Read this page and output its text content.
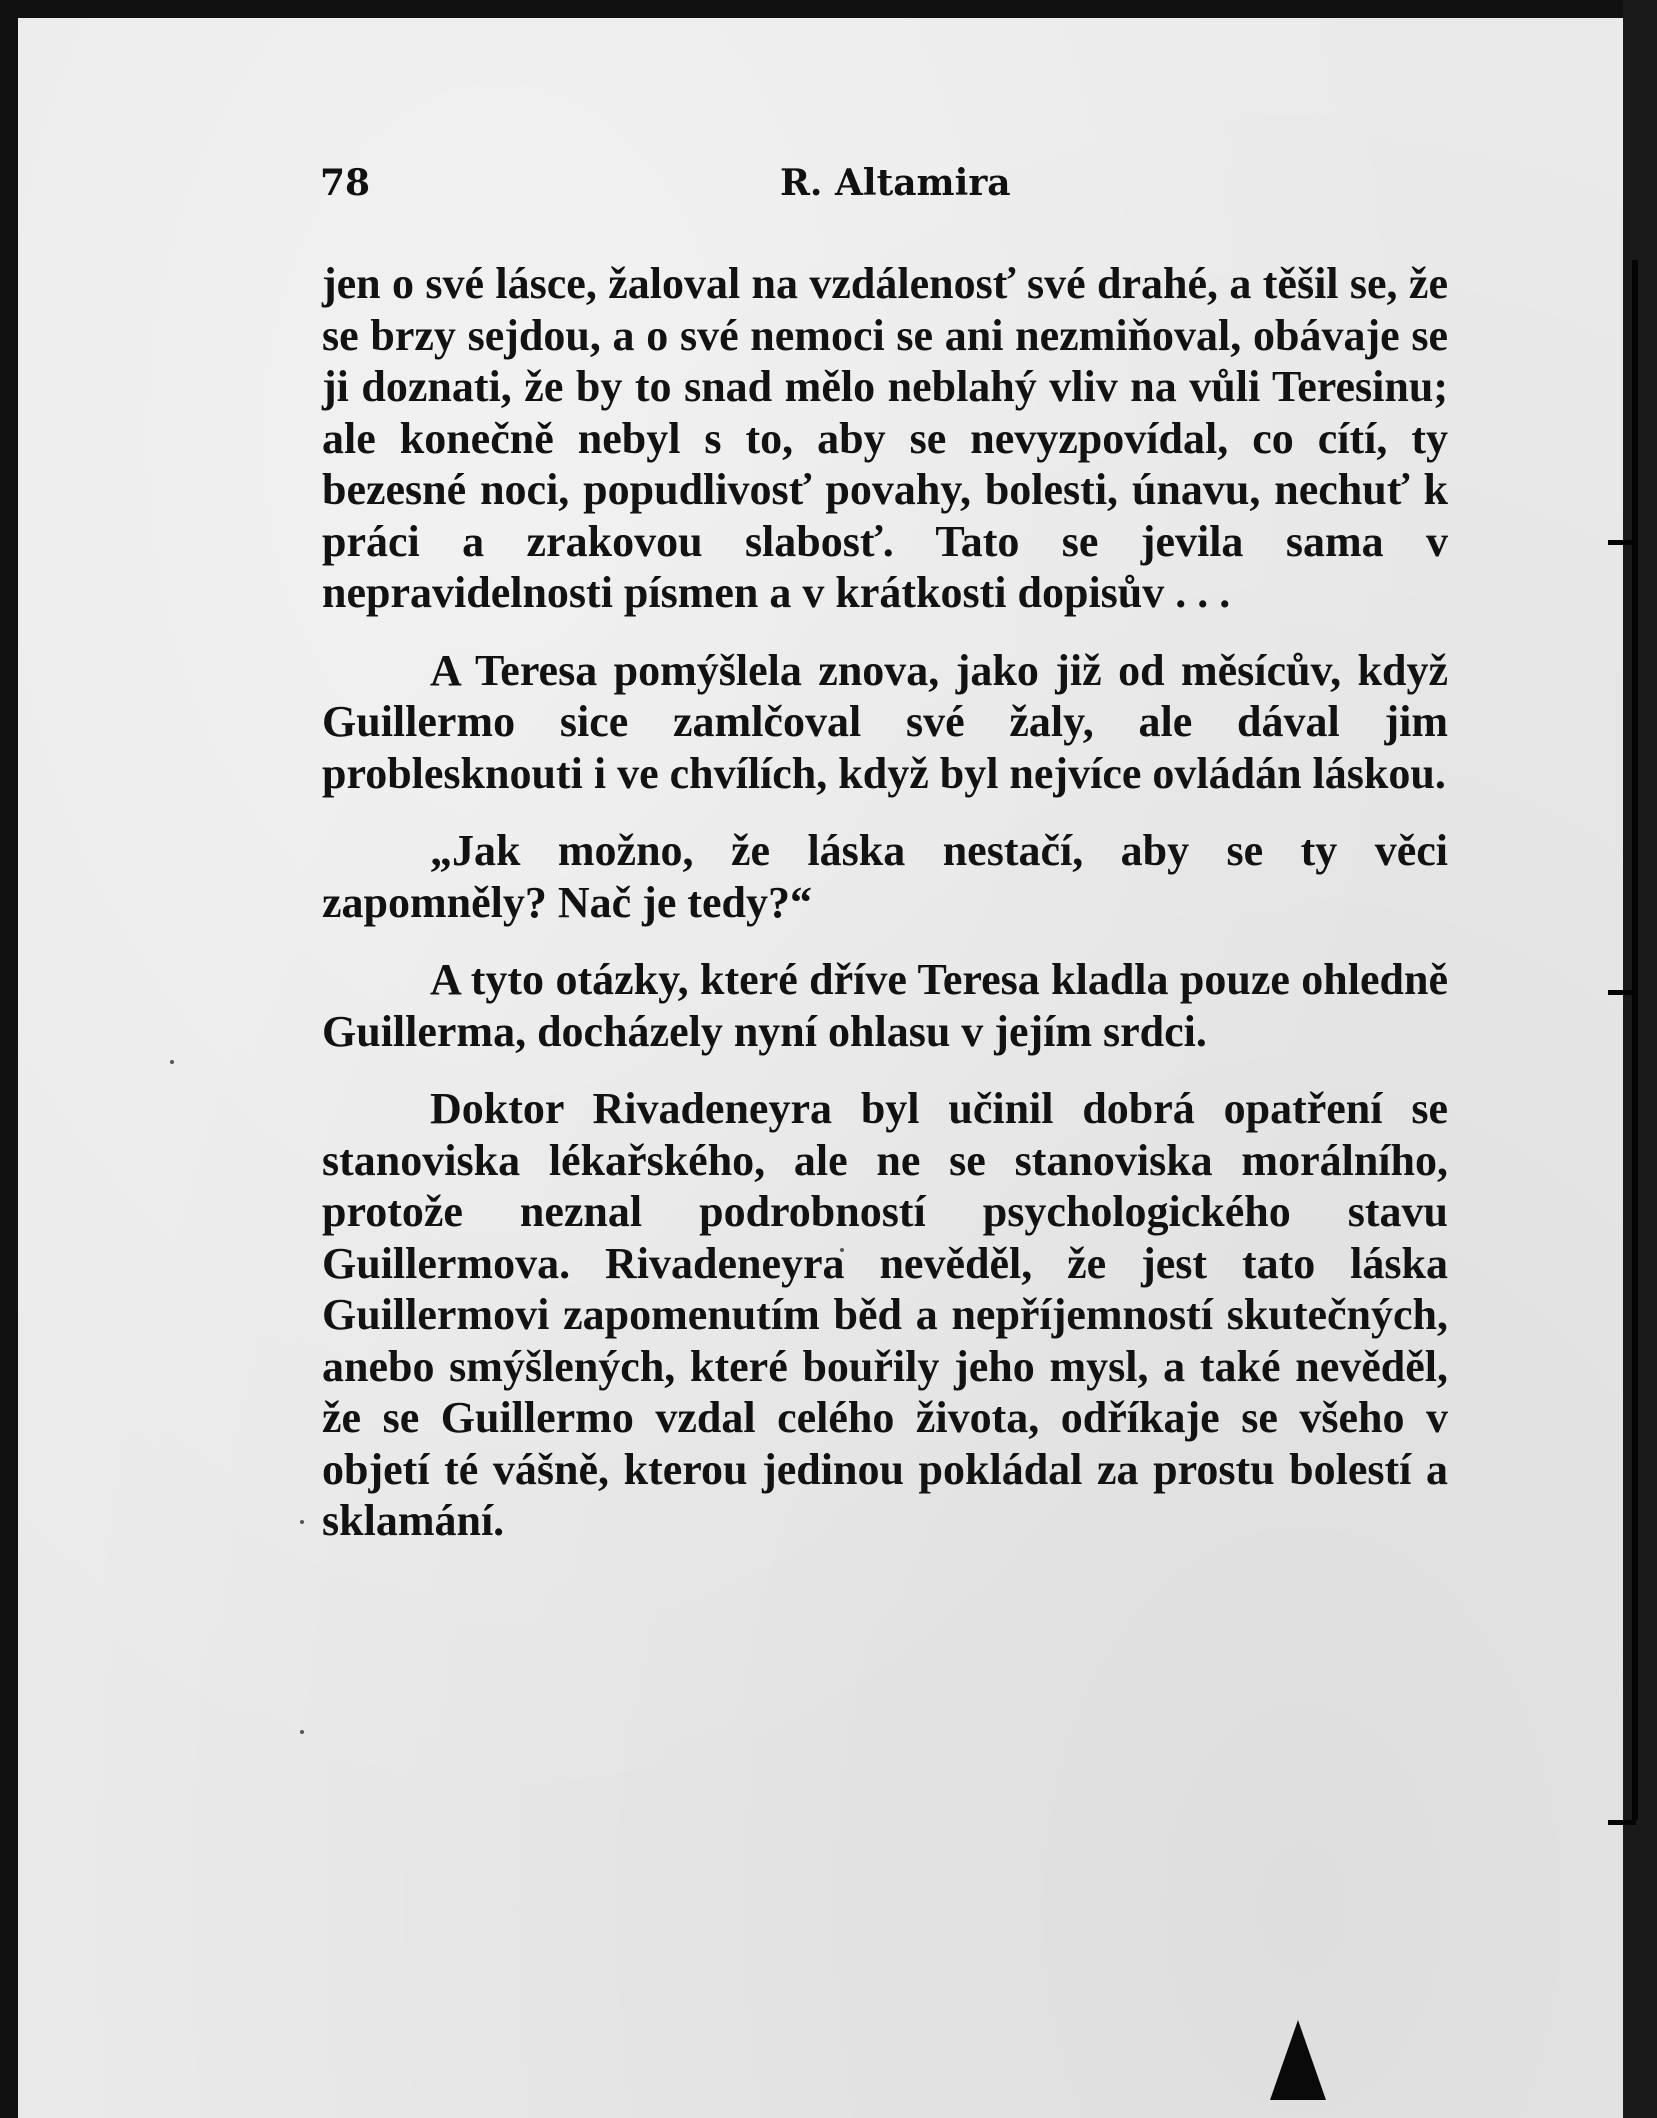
78	R. Altamira

jen o své lásce, žaloval na vzdálenosť své drahé, a těšil se, že se brzy sejdou, a o své nemoci se ani nezmiňoval, obávaje se ji doznati, že by to snad mělo neblahý vliv na vůli Teresinu; ale konečně nebyl s to, aby se nevyzpovídal, co cítí, ty bezesné noci, popudlivosť povahy, bolesti, únavu, nechuť k práci a zrakovou slabosť. Tato se jevila sama v nepravidelnosti písmen a v krátkosti dopisův . . .

A Teresa pomýšlela znova, jako již od měsícův, když Guillermo sice zamlčoval své žaly, ale dával jim problesknouti i ve chvílích, když byl nejvíce ovládán láskou.

„Jak možno, že láska nestačí, aby se ty věci zapomněly? Nač je tedy?“

A tyto otázky, které dříve Teresa kladla pouze ohledně Guillerma, docházely nyní ohlasu v jejím srdci.

Doktor Rivadeneyra byl učinil dobrá opatření se stanoviska lékařského, ale ne se stanoviska morálního, protože neznal podrobností psychologického stavu Guillermova. Rivadeneyra nevěděl, že jest tato láska Guillermovi zapomenutím běd a nepříjemností skutečných, anebo smýšlených, které bouřily jeho mysl, a také nevěděl, že se Guillermo vzdal celého života, odříkaje se všeho v objetí té vášně, kterou jedinou pokládal za prostu bolestí a sklamání.
